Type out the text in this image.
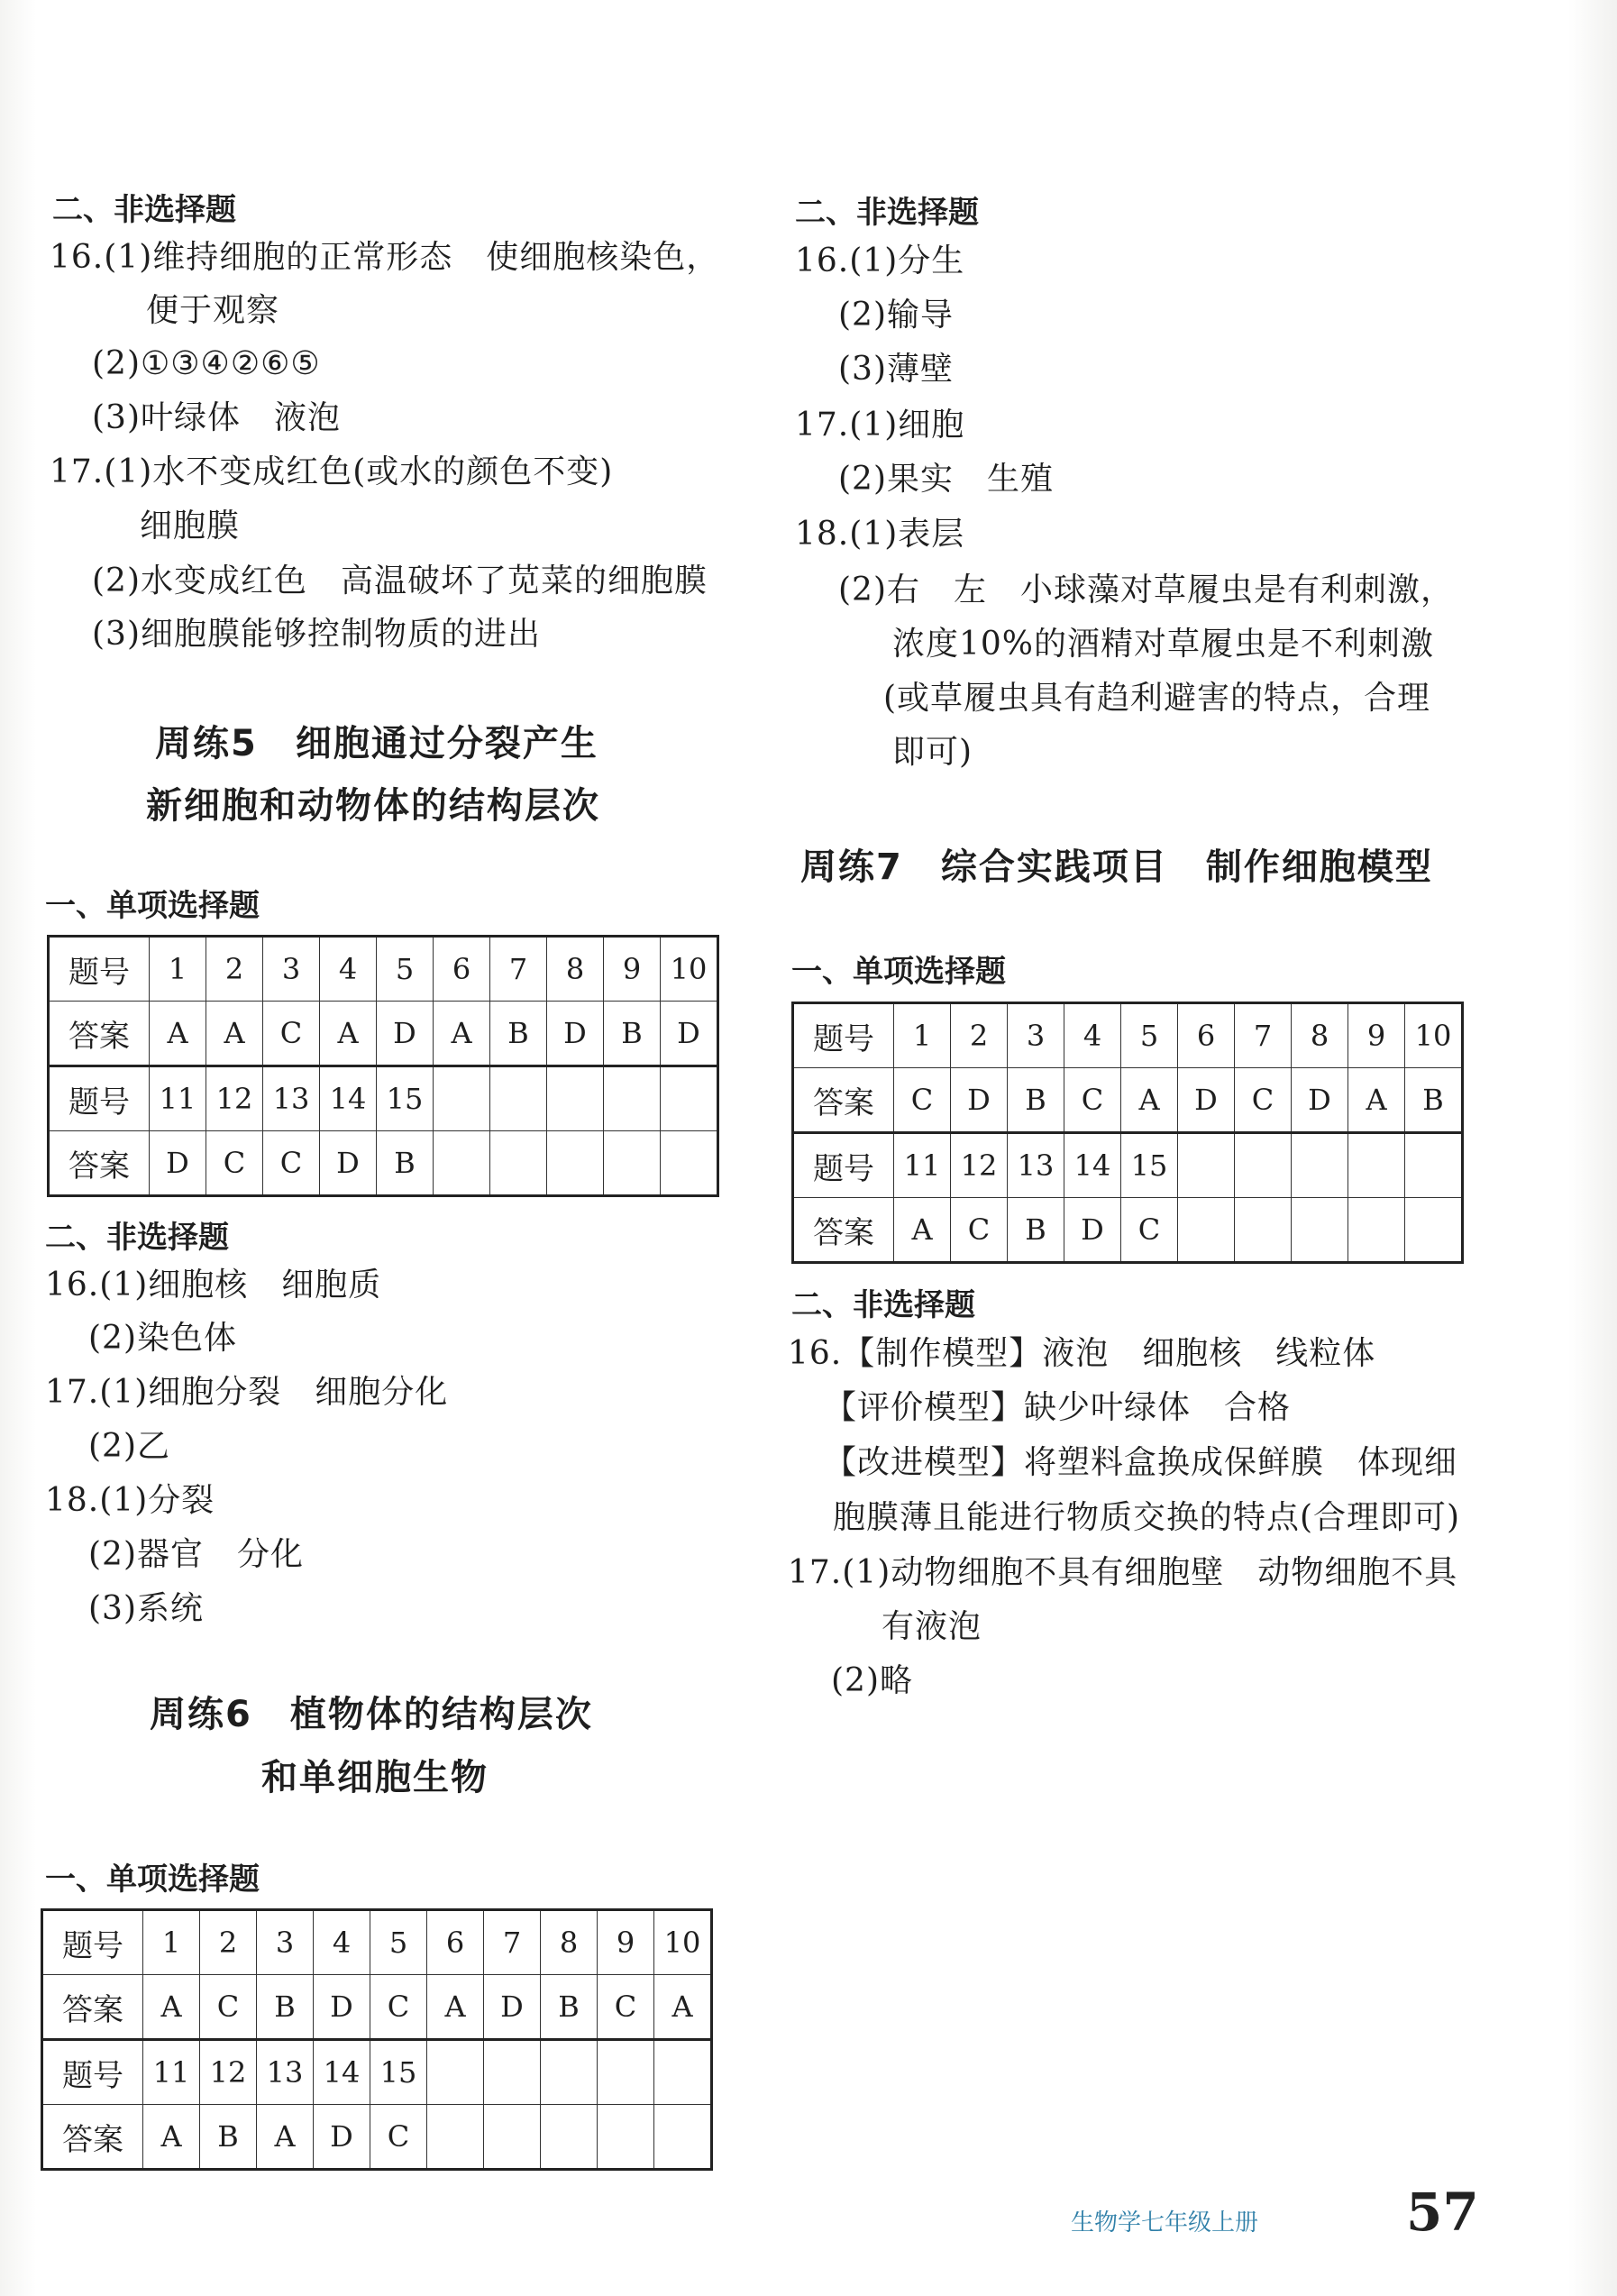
二、非选择题
16.(1)维持细胞的正常形态　使细胞核染色，
便于观察
(2)①③④②⑥⑤
(3)叶绿体　液泡
17.(1)水不变成红色(或水的颜色不变)
细胞膜
(2)水变成红色　高温破坏了苋菜的细胞膜
(3)细胞膜能够控制物质的进出
周练5　细胞通过分裂产生
新细胞和动物体的结构层次
一、单项选择题
题号	1	2	3	4	5	6	7	8	9	10
答案	A	A	C	A	D	A	B	D	B	D
题号	11	12	13	14	15					
答案	D	C	C	D	B					
二、非选择题
16.(1)细胞核　细胞质
(2)染色体
17.(1)细胞分裂　细胞分化
(2)乙
18.(1)分裂
(2)器官　分化
(3)系统
周练6　植物体的结构层次
和单细胞生物
一、单项选择题
题号	1	2	3	4	5	6	7	8	9	10
答案	A	C	B	D	C	A	D	B	C	A
题号	11	12	13	14	15					
答案	A	B	A	D	C					
二、非选择题
16.(1)分生
(2)输导
(3)薄壁
17.(1)细胞
(2)果实　生殖
18.(1)表层
(2)右　左　小球藻对草履虫是有利刺激，
浓度10%的酒精对草履虫是不利刺激
(或草履虫具有趋利避害的特点，合理
即可)
周练7　综合实践项目　制作细胞模型
一、单项选择题
题号	1	2	3	4	5	6	7	8	9	10
答案	C	D	B	C	A	D	C	D	A	B
题号	11	12	13	14	15					
答案	A	C	B	D	C					
二、非选择题
16.【制作模型】液泡　细胞核　线粒体
【评价模型】缺少叶绿体　合格
【改进模型】将塑料盒换成保鲜膜　体现细
胞膜薄且能进行物质交换的特点(合理即可)
17.(1)动物细胞不具有细胞壁　动物细胞不具
有液泡
(2)略
生物学七年级上册	57
